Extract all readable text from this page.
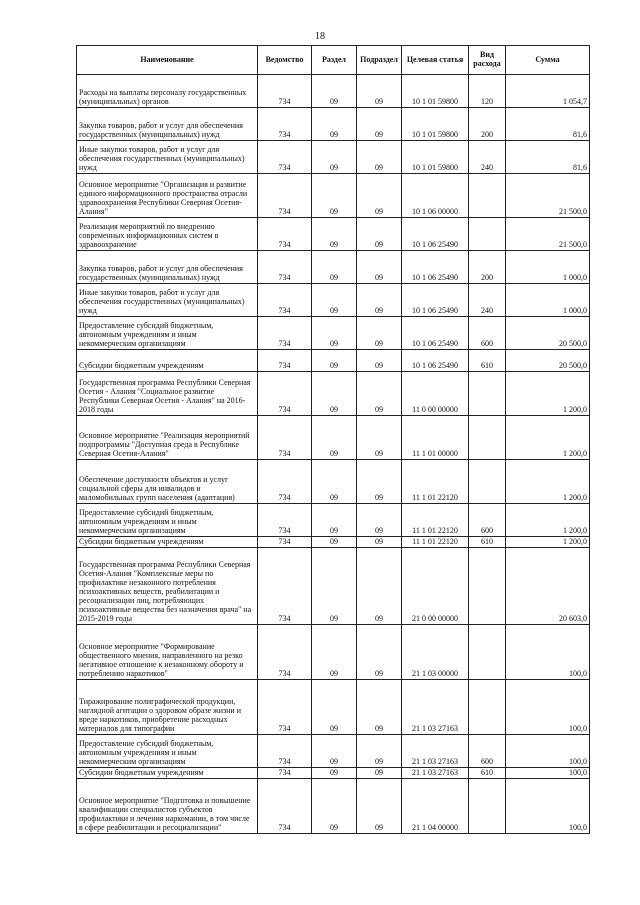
18
Наименование	Ведомство	Раздел	Подраздел	Целевая статья	Вид расхода	Сумма
Расходы на выплаты персоналу государственных (муниципальных) органов	734	09	09	10 1 01 59800	120	1 054,7
Закупка товаров, работ и услуг для обеспечения государственных (муниципальных) нужд	734	09	09	10 1 01 59800	200	81,6
Иные закупки товаров, работ и услуг для обеспечения государственных (муниципальных) нужд	734	09	09	10 1 01 59800	240	81,6
Основное мероприятие "Организация и развитие единого информационного пространства отрасли здравоохранения Республики Северная Осетия-Алания"	734	09	09	10 1 06 00000		21 500,0
Реализация мероприятий по внедрению современных информационных систем в здравоохранение	734	09	09	10 1 06 25490		21 500,0
Закупка товаров, работ и услуг для обеспечения государственных (муниципальных) нужд	734	09	09	10 1 06 25490	200	1 000,0
Иные закупки товаров, работ и услуг для обеспечения государственных (муниципальных) нужд	734	09	09	10 1 06 25490	240	1 000,0
Предоставление субсидий бюджетным, автономным учреждениям и иным некоммерческим организациям	734	09	09	10 1 06 25490	600	20 500,0
Субсидии бюджетным учреждениям	734	09	09	10 1 06 25490	610	20 500,0
Государственная программа Республики Северная Осетия - Алания "Социальное развитие Республики Северная Осетия - Алания" на 2016-2018 годы	734	09	09	11 0 00 00000		1 200,0
Основное мероприятие "Реализация мероприятий подпрограммы "Доступная среда в Республике Северная Осетия-Алания"	734	09	09	11 1 01 00000		1 200,0
Обеспечение доступности объектов и услуг социальной сферы для инвалидов и маломобильных групп населения (адаптация)	734	09	09	11 1 01 22120		1 200,0
Предоставление субсидий бюджетным, автономным учреждениям и иным некоммерческим организациям	734	09	09	11 1 01 22120	600	1 200,0
Субсидии бюджетным учреждениям	734	09	09	11 1 01 22120	610	1 200,0
Государственная программа Республики Северная Осетия-Алания "Комплексные меры по профилактике незаконного потребления психоактивных веществ, реабилитации и ресоциализации лиц, потребляющих психоактивные вещества без назначения врача" на 2015-2019 годы	734	09	09	21 0 00 00000		20 603,0
Основное мероприятие "Формирование общественного мнения, направленного на резко негативное отношение к незаконному обороту и потреблению наркотиков"	734	09	09	21 1 03 00000		100,0
Тиражирование полиграфической продукции, наглядной агитации о здоровом образе жизни и вреде наркотиков, приобретение расходных материалов для типографии	734	09	09	21 1 03 27163		100,0
Предоставление субсидий бюджетным, автономным учреждениям и иным некоммерческим организациям	734	09	09	21 1 03 27163	600	100,0
Субсидии бюджетным учреждениям	734	09	09	21 1 03 27163	610	100,0
Основное мероприятие "Подготовка и повышение квалификации специалистов субъектов профилактики и лечения наркомании, в том числе в сфере реабилитации и ресоциализации"	734	09	09	21 1 04 00000		100,0
